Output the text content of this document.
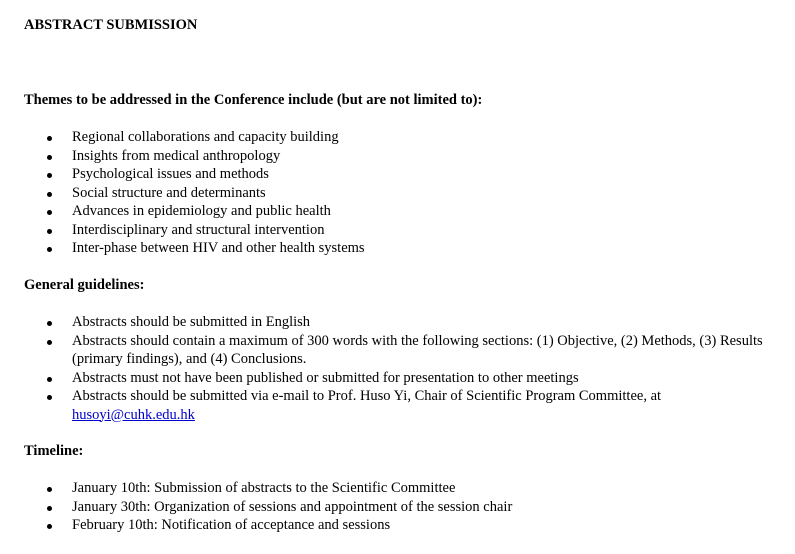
ABSTRACT SUBMISSION
Themes to be addressed in the Conference include (but are not limited to):
Regional collaborations and capacity building
Insights from medical anthropology
Psychological issues and methods
Social structure and determinants
Advances in epidemiology and public health
Interdisciplinary and structural intervention
Inter-phase between HIV and other health systems
General guidelines:
Abstracts should be submitted in English
Abstracts should contain a maximum of 300 words with the following sections: (1) Objective, (2) Methods, (3) Results (primary findings), and (4) Conclusions.
Abstracts must not have been published or submitted for presentation to other meetings
Abstracts should be submitted via e-mail to Prof. Huso Yi, Chair of Scientific Program Committee, at
husoyi@cuhk.edu.hk
Timeline:
January 10th: Submission of abstracts to the Scientific Committee
January 30th: Organization of sessions and appointment of the session chair
February 10th: Notification of acceptance and sessions
